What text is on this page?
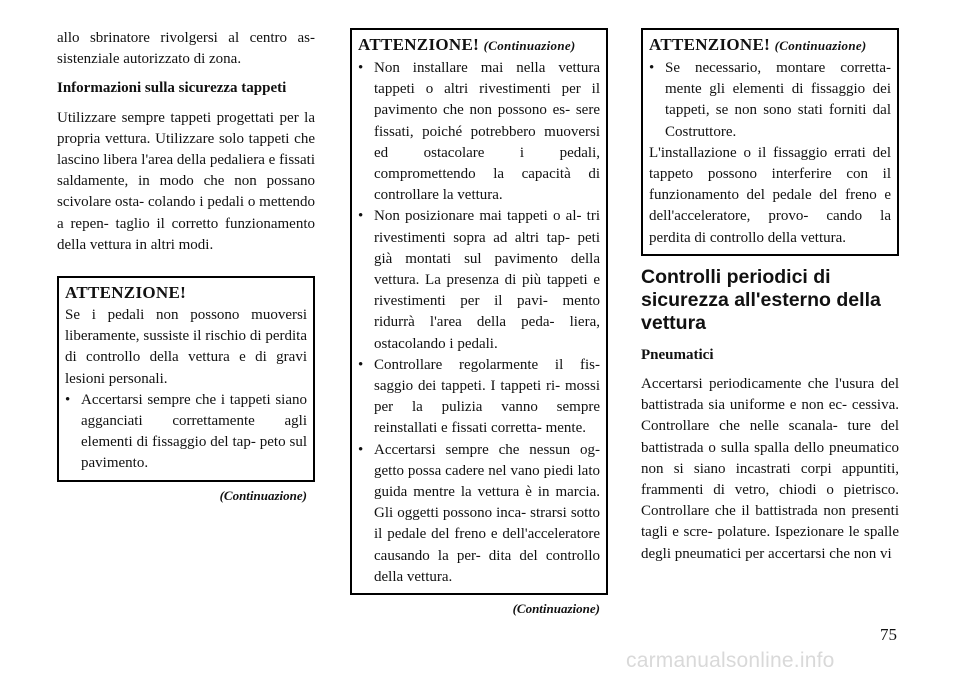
allo sbrinatore rivolgersi al centro as- sistenziale autorizzato di zona.

Informazioni sulla sicurezza tappeti

Utilizzare sempre tappeti progettati per la propria vettura. Utilizzare solo tappeti che lascino libera l'area della pedaliera e fissati saldamente, in modo che non possano scivolare osta- colando i pedali o mettendo a repen- taglio il corretto funzionamento della vettura in altri modi.

ATTENZIONE!

Se i pedali non possono muoversi liberamente, sussiste il rischio di perdita di controllo della vettura e di gravi lesioni personali.

• Accertarsi sempre che i tappeti siano agganciati correttamente agli elementi di fissaggio del tap- peto sul pavimento.
(Continuazione)
ATTENZIONE! (Continuazione)
• Non installare mai nella vettura tappeti o altri rivestimenti per il pavimento che non possono es- sere fissati, poiché potrebbero muoversi ed ostacolare i pedali, compromettendo la capacità di controllare la vettura.
• Non posizionare mai tappeti o al- tri rivestimenti sopra ad altri tap- peti già montati sul pavimento della vettura. La presenza di più tappeti e rivestimenti per il pavi- mento ridurrà l'area della peda- liera, ostacolando i pedali.
• Controllare regolarmente il fis- saggio dei tappeti. I tappeti ri- mossi per la pulizia vanno sempre reinstallati e fissati corretta- mente.
• Accertarsi sempre che nessun og- getto possa cadere nel vano piedi lato guida mentre la vettura è in marcia. Gli oggetti possono inca- strarsi sotto il pedale del freno e dell'acceleratore causando la per- dita del controllo della vettura.
(Continuazione)
ATTENZIONE! (Continuazione)
• Se necessario, montare corretta- mente gli elementi di fissaggio dei tappeti, se non sono stati forniti dal Costruttore.

L'installazione o il fissaggio errati del tappeto possono interferire con il funzionamento del pedale del freno e dell'acceleratore, provo- cando la perdita di controllo della vettura.

Controlli periodici di sicurezza all'esterno della vettura
Pneumatici

Accertarsi periodicamente che l'usura del battistrada sia uniforme e non ec- cessiva. Controllare che nelle scanala- ture del battistrada o sulla spalla dello pneumatico non si siano incastrati corpi appuntiti, frammenti di vetro, chiodi o pietrisco. Controllare che il battistrada non presenti tagli e scre- polature. Ispezionare le spalle degli pneumatici per accertarsi che non vi

75
carmanualsonline.info
